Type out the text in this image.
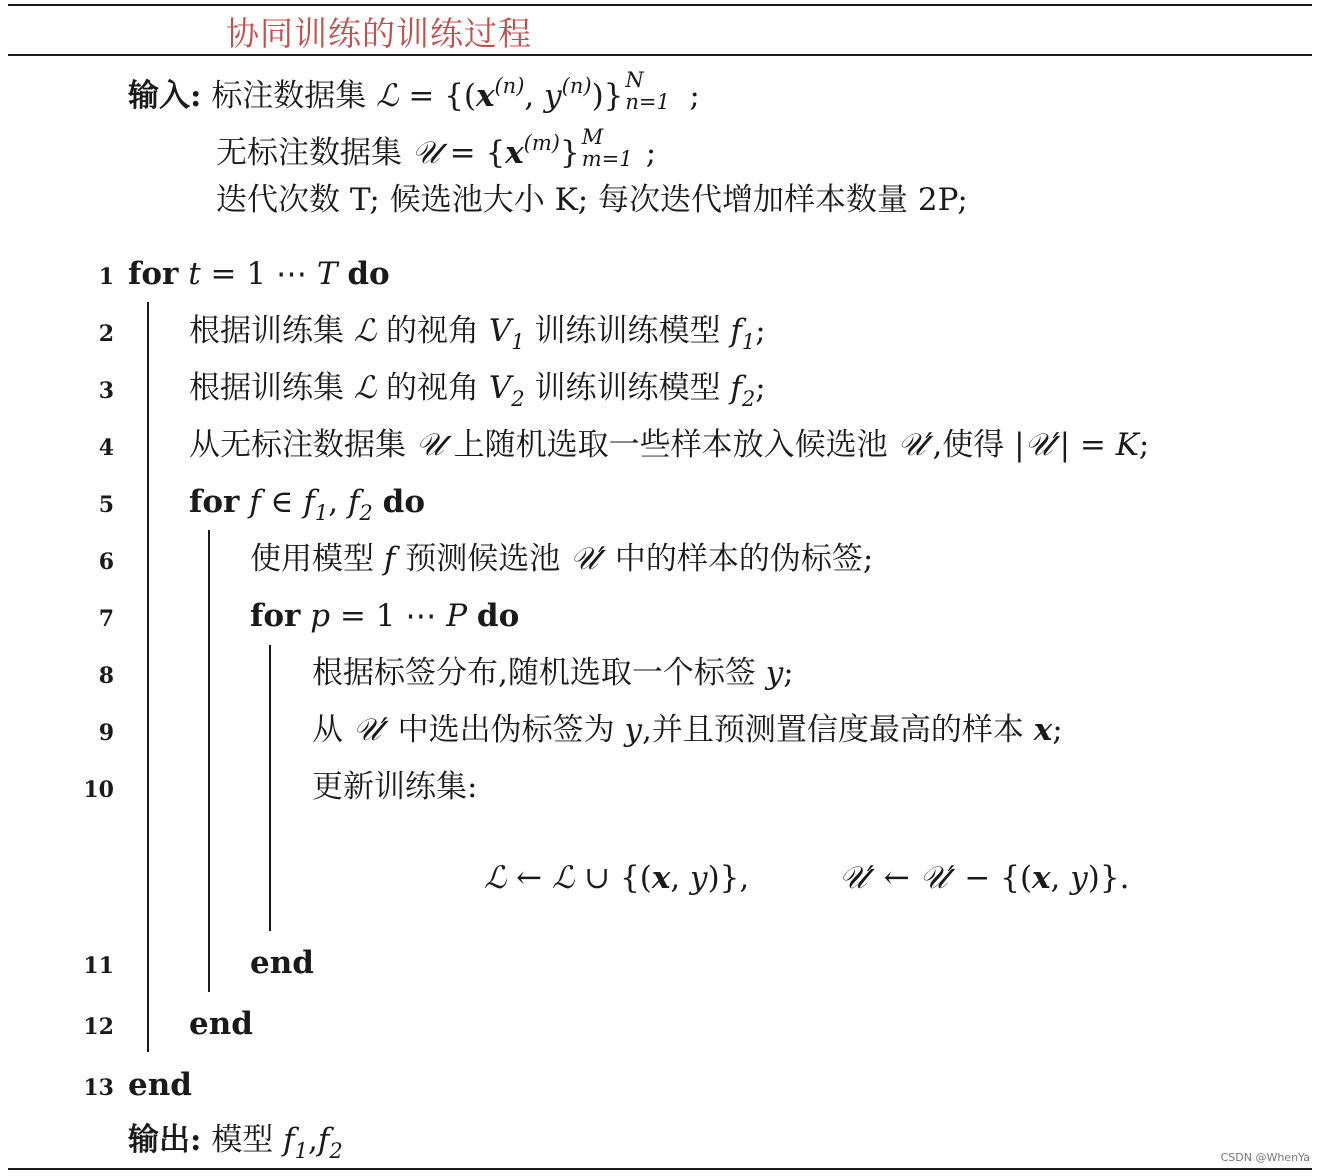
协同训练的训练过程
输入: 标注数据集 ℒ = {($x^{(n)}$, $y^{(n)}$)} N
n=1 ;
无标注数据集 𝒰 = $\{x^{(m)}\}$ M
m=1 ;
迭代次数 T; 候选池大小 K; 每次迭代增加样本数量 2P;
1
2
3
4
5
6
7
8
9
10
11
12
13
for t = 1 ⋯ T do
根据训练集 ℒ 的视角 $V_1$ 训练训练模型 $f_1$;
根据训练集 ℒ 的视角 $V_2$ 训练训练模型 $f_2$;
从无标注数据集 𝒰 上随机选取一些样本放入候选池 𝒰′,使得 |𝒰′| = K;
for f ∈ $f_1$, $f_2$ do
使用模型 f 预测候选池 𝒰′ 中的样本的伪标签;
for p = 1 ⋯ P do
根据标签分布,随机选取一个标签 y;
从 𝒰′ 中选出伪标签为 y,并且预测置信度最高的样本 x;
更新训练集:
ℒ ← ℒ ∪ {(x, y)},	𝒰′ ← 𝒰′ − {(x, y)}.
end
end
end
输出: 模型 $f_1,f_2$	CSDN @WhenYa
